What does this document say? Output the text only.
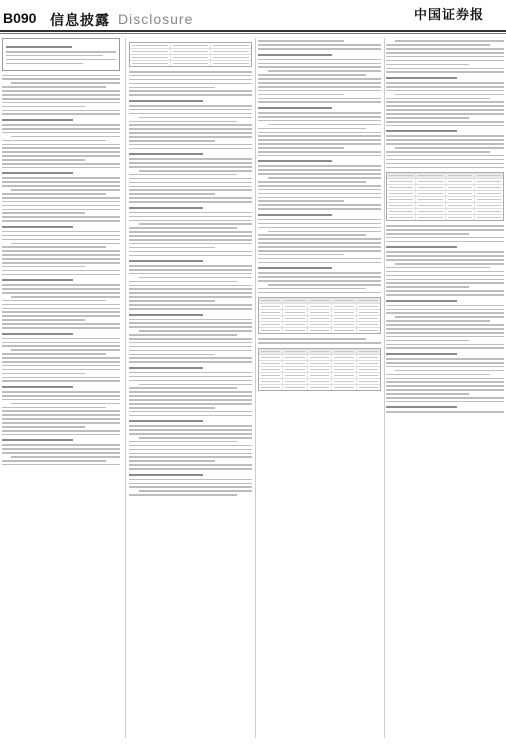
B090 信息披露 Disclosure	中国证券报
